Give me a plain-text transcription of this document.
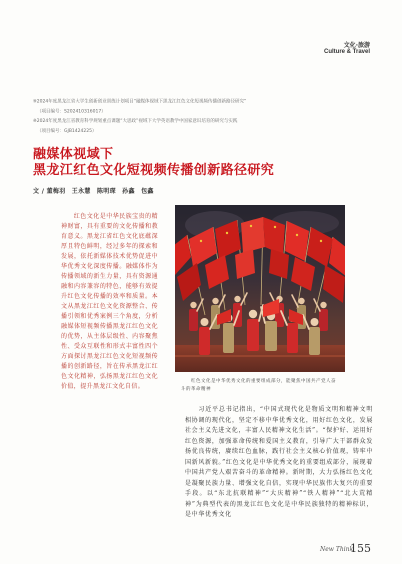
文化·旅游
Culture & Travel
※2024年度黑龙江省大学生创新创业训练计划项目“融媒体视域下黑龙江红色文化短视频传播创新路径研究”
（项目编号：S202410316017）
※2024年度黑龙江省教育科学规划重点课题“大思政”视域下大学英语教学中国家意识培育的研究与实践
（项目编号：GJB1424225）
融媒体视域下
黑龙江红色文化短视频传播创新路径研究
文 / 董梅羽　王永慧　陈明琛　孙鑫　包鑫
红色文化是中华民族宝贵的精神财富，具有重要的文化传播和教育意义。黑龙江省红色文化底蕴深厚且特色鲜明，经过多年的探索和发展，依托新媒体技术优势促进中华优秀文化深度传播。融媒体作为传播领域的新生力量，具有资源通融和内容兼容的特色，能够有效提升红色文化传播的效率和质量。本文从黑龙江红色文化资源整合、传播引领和优秀案例三个角度，分析融媒体短视频传播黑龙江红色文化的优势，从主体层级性、内容聚焦性、受众互联性和形式丰富性四个方面探讨黑龙江红色文化短视频传播的创新路径，旨在传承黑龙江红色文化精神，弘扬黑龙江红色文化价值，提升黑龙江文化自信。
红色文化是中华优秀文化的重要组成部分，能聚焦中国共产党人奋斗的革命精神
习近平总书记指出，“中国式现代化是物质文明和精神文明相协调的现代化，坚定不移中华优秀文化，用好红色文化，发展社会主义先进文化，丰富人民精神文化生活”。“保护好、运用好红色资源，加强革命传统和爱国主义教育，引导广大干部群众发扬优良传统，赓续红色血脉，践行社会主义核心价值观，铸牢中国新风新貌。”红色文化是中华优秀文化的重要组成部分，展现着中国共产党人艰苦奋斗的革命精神。新时期，大力弘扬红色文化是凝聚民族力量、增强文化自信，实现中华民族伟大复兴的重要手段。以“东北抗联精神”“大庆精神”“铁人精神”“北大荒精神”为典型代表的黑龙江红色文化是中华民族独特的精神标识，是中华优秀文化
New Think
155
